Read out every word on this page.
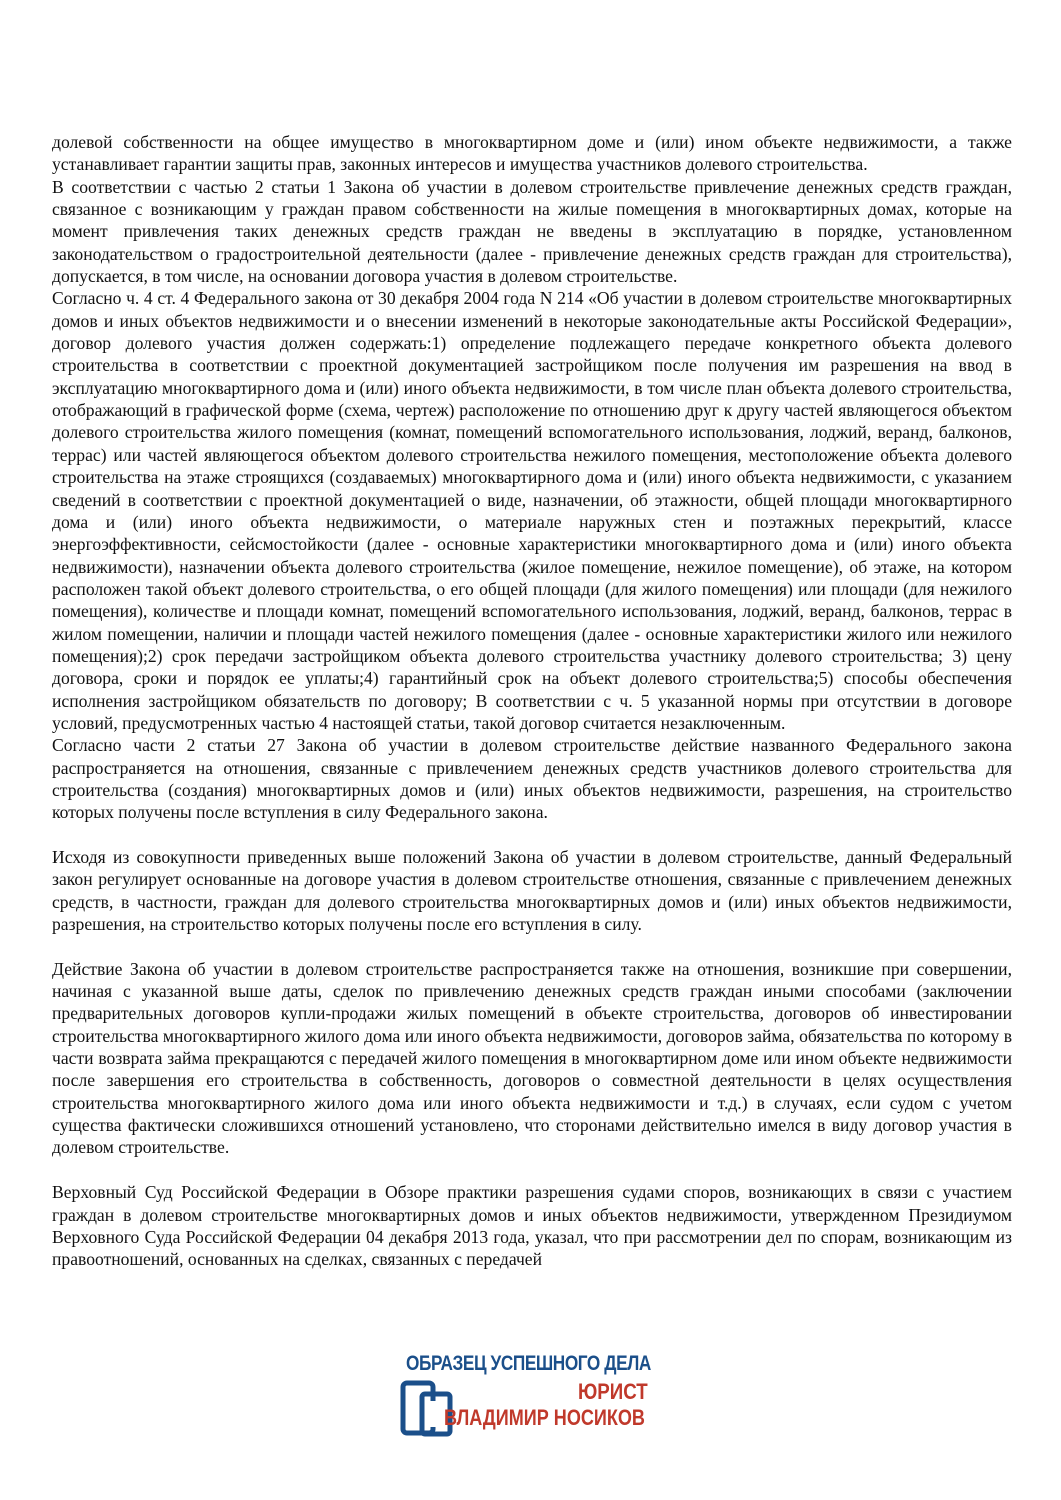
долевой собственности на общее имущество в многоквартирном доме и (или) ином объекте недвижимости, а также устанавливает гарантии защиты прав, законных интересов и имущества участников долевого строительства.

В соответствии с частью 2 статьи 1 Закона об участии в долевом строительстве привлечение денежных средств граждан, связанное с возникающим у граждан правом собственности на жилые помещения в многоквартирных домах, которые на момент привлечения таких денежных средств граждан не введены в эксплуатацию в порядке, установленном законодательством о градостроительной деятельности (далее - привлечение денежных средств граждан для строительства), допускается, в том числе, на основании договора участия в долевом строительстве.

Согласно ч. 4 ст. 4 Федерального закона от 30 декабря 2004 года N 214 «Об участии в долевом строительстве многоквартирных домов и иных объектов недвижимости и о внесении изменений в некоторые законодательные акты Российской Федерации», договор долевого участия должен содержать:1) определение подлежащего передаче конкретного объекта долевого строительства в соответствии с проектной документацией застройщиком после получения им разрешения на ввод в эксплуатацию многоквартирного дома и (или) иного объекта недвижимости, в том числе план объекта долевого строительства, отображающий в графической форме (схема, чертеж) расположение по отношению друг к другу частей являющегося объектом долевого строительства жилого помещения (комнат, помещений вспомогательного использования, лоджий, веранд, балконов, террас) или частей являющегося объектом долевого строительства нежилого помещения, местоположение объекта долевого строительства на этаже строящихся (создаваемых) многоквартирного дома и (или) иного объекта недвижимости, с указанием сведений в соответствии с проектной документацией о виде, назначении, об этажности, общей площади многоквартирного дома и (или) иного объекта недвижимости, о материале наружных стен и поэтажных перекрытий, классе энергоэффективности, сейсмостойкости (далее - основные характеристики многоквартирного дома и (или) иного объекта недвижимости), назначении объекта долевого строительства (жилое помещение, нежилое помещение), об этаже, на котором расположен такой объект долевого строительства, о его общей площади (для жилого помещения) или площади (для нежилого помещения), количестве и площади комнат, помещений вспомогательного использования, лоджий, веранд, балконов, террас в жилом помещении, наличии и площади частей нежилого помещения (далее - основные характеристики жилого или нежилого помещения);2) срок передачи застройщиком объекта долевого строительства участнику долевого строительства; 3) цену договора, сроки и порядок ее уплаты;4) гарантийный срок на объект долевого строительства;5) способы обеспечения исполнения застройщиком обязательств по договору; В соответствии с ч. 5 указанной нормы при отсутствии в договоре условий, предусмотренных частью 4 настоящей статьи, такой договор считается незаключенным.

Согласно части 2 статьи 27 Закона об участии в долевом строительстве действие названного Федерального закона распространяется на отношения, связанные с привлечением денежных средств участников долевого строительства для строительства (создания) многоквартирных домов и (или) иных объектов недвижимости, разрешения, на строительство которых получены после вступления в силу Федерального закона.

Исходя из совокупности приведенных выше положений Закона об участии в долевом строительстве, данный Федеральный закон регулирует основанные на договоре участия в долевом строительстве отношения, связанные с привлечением денежных средств, в частности, граждан для долевого строительства многоквартирных домов и (или) иных объектов недвижимости, разрешения, на строительство которых получены после его вступления в силу.

Действие Закона об участии в долевом строительстве распространяется также на отношения, возникшие при совершении, начиная с указанной выше даты, сделок по привлечению денежных средств граждан иными способами (заключении предварительных договоров купли-продажи жилых помещений в объекте строительства, договоров об инвестировании строительства многоквартирного жилого дома или иного объекта недвижимости, договоров займа, обязательства по которому в части возврата займа прекращаются с передачей жилого помещения в многоквартирном доме или ином объекте недвижимости после завершения его строительства в собственность, договоров о совместной деятельности в целях осуществления строительства многоквартирного жилого дома или иного объекта недвижимости и т.д.) в случаях, если судом с учетом существа фактически сложившихся отношений установлено, что сторонами действительно имелся в виду договор участия в долевом строительстве.

Верховный Суд Российской Федерации в Обзоре практики разрешения судами споров, возникающих в связи с участием граждан в долевом строительстве многоквартирных домов и иных объектов недвижимости, утвержденном Президиумом Верховного Суда Российской Федерации 04 декабря 2013 года, указал, что при рассмотрении дел по спорам, возникающим из правоотношений, основанных на сделках, связанных с передачей

ОБРАЗЕЦ УСПЕШНОГО ДЕЛА
ЮРИСТ
ВЛАДИМИР НОСИКОВ
